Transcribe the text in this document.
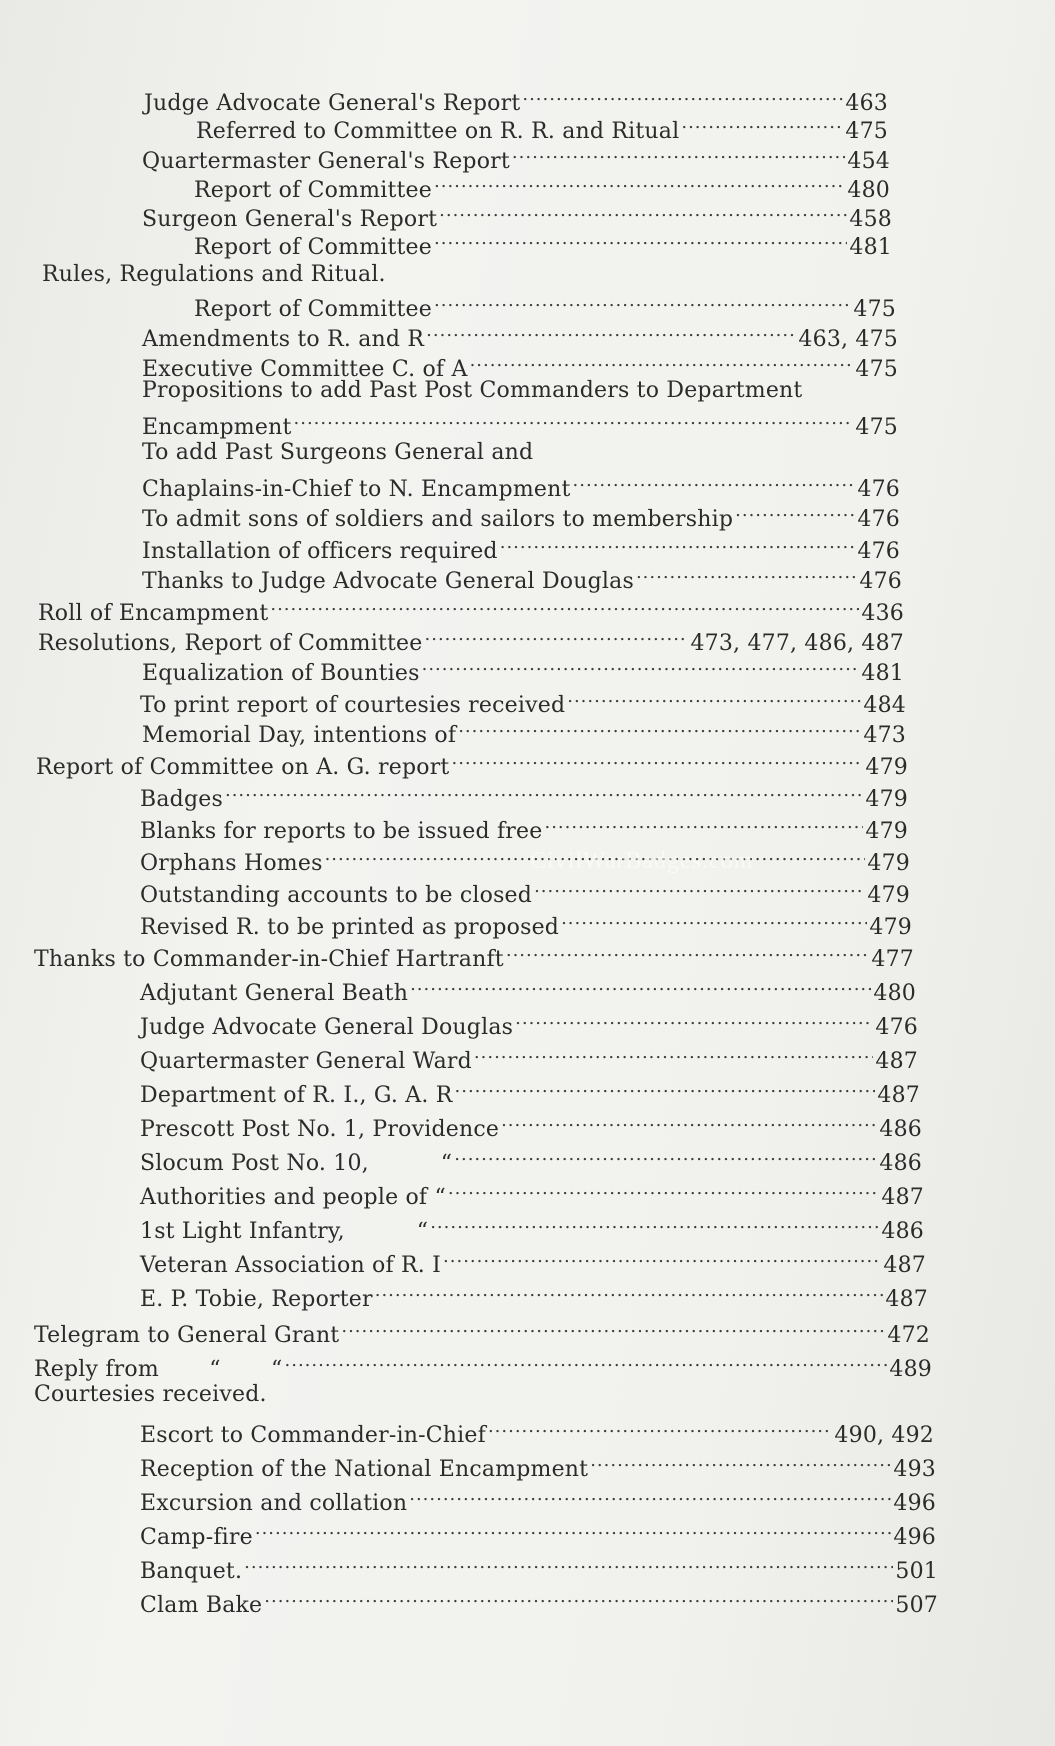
Judge Advocate General's Report .....	463
Referred to Committee on R. R. and Ritual .....	475
Quartermaster General's Report .....	454
Report of Committee .....	480
Surgeon General's Report .....	458
Report of Committee .....	481
Rules, Regulations and Ritual.
Report of Committee .....	475
Amendments to R. and R .....	463, 475
Executive Committee C. of A .....	475
Propositions to add Past Post Commanders to Department
Encampment .....	475
To add Past Surgeons General and
Chaplains-in-Chief to N. Encampment .....	476
To admit sons of soldiers and sailors to membership .....	476
Installation of officers required .....	476
Thanks to Judge Advocate General Douglas .....	476
Roll of Encampment .....	436
Resolutions, Report of Committee .....	473, 477, 486, 487
Equalization of Bounties .....	481
To print report of courtesies received .....	484
Memorial Day, intentions of .....	473
Report of Committee on A. G. report .....	479
Badges .....	479
Blanks for reports to be issued free .....	479
Orphans Homes .....	479
Outstanding accounts to be closed .....	479
Revised R. to be printed as proposed .....	479
Thanks to Commander-in-Chief Hartranft .....	477
Adjutant General Beath .....	480
Judge Advocate General Douglas .....	476
Quartermaster General Ward .....	487
Department of R. I., G. A. R .....	487
Prescott Post No. 1, Providence .....	486
Slocum Post No. 10,          “ .....	486
Authorities and people of “ .....	487
1st Light Infantry,          “ .....	486
Veteran Association of R. I .....	487
E. P. Tobie, Reporter .....	487
Telegram to General Grant .....	472
Reply from       “       “ .....	489
Courtesies received.
Escort to Commander-in-Chief .....	490, 492
Reception of the National Encampment .....	493
Excursion and collation .....	496
Camp-fire .....	496
Banquet. .....	501
Clam Bake .....	507
CivilWarBadges.com
